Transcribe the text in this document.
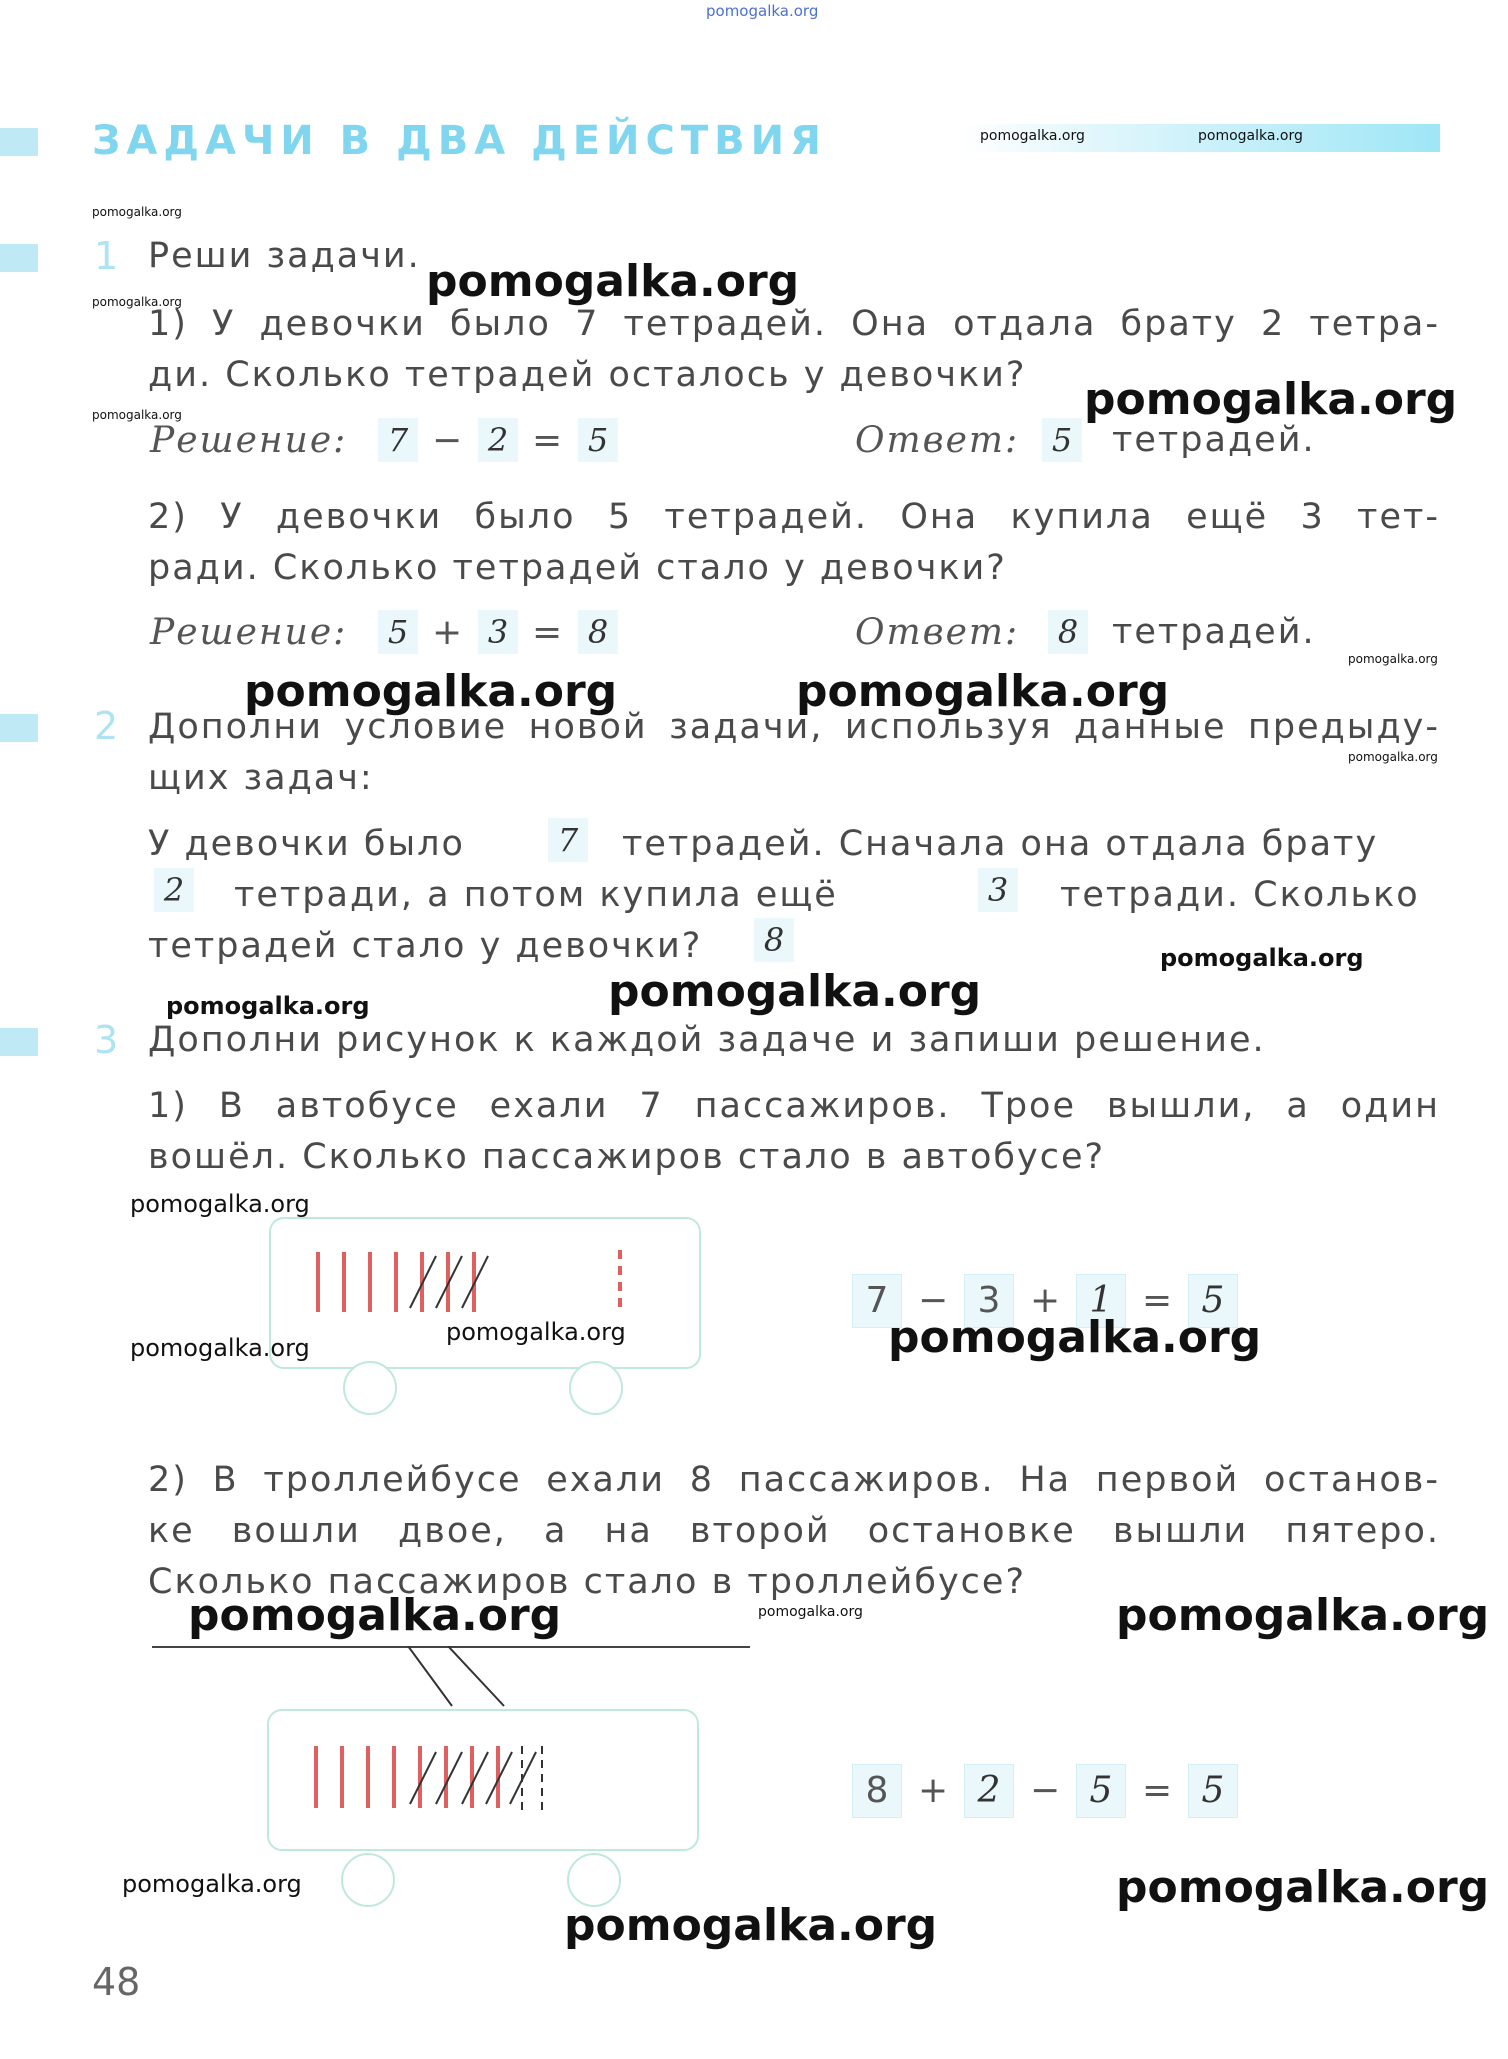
pomogalka.org
ЗАДАЧИ В ДВА ДЕЙСТВИЯ
1 Реши задачи.
1) У девочки было 7 тетрадей. Она отдала брату 2 тетра-
ди. Сколько тетрадей осталось у девочки?
Решение:	7 − 2 = 5	Ответ:	5 тетрадей.
2) У девочки было 5 тетрадей. Она купила ещё 3 тет-
ради. Сколько тетрадей стало у девочки?
Решение:	5 + 3 = 8	Ответ:	8 тетрадей.
2 Дополни условие новой задачи, используя данные предыду-
щих задач:
У девочки было	7 тетрадей. Сначала она отдала брату
2 тетради, а потом купила ещё	3 тетради. Сколько
тетрадей стало у девочки?	8
3 Дополни рисунок к каждой задаче и запиши решение.
1) В автобусе ехали 7 пассажиров. Трое вышли, а один
вошёл. Сколько пассажиров стало в автобусе?
7 − 3 + 1 = 5
2) В троллейбусе ехали 8 пассажиров. На первой останов-
ке вошли двое, а на второй остановке вышли пятеро.
Сколько пассажиров стало в троллейбусе?
8 + 2 − 5 = 5
48
pomogalka.org	pomogalka.org
pomogalka.org
pomogalka.org
pomogalka.org
pomogalka.org
pomogalka.org
pomogalka.org
pomogalka.org	pomogalka.org
pomogalka.org
pomogalka.org
pomogalka.org
pomogalka.org
pomogalka.org
pomogalka.org
pomogalka.org	pomogalka.org
pomogalka.org	pomogalka.org	pomogalka.org
pomogalka.org	pomogalka.org
pomogalka.org
